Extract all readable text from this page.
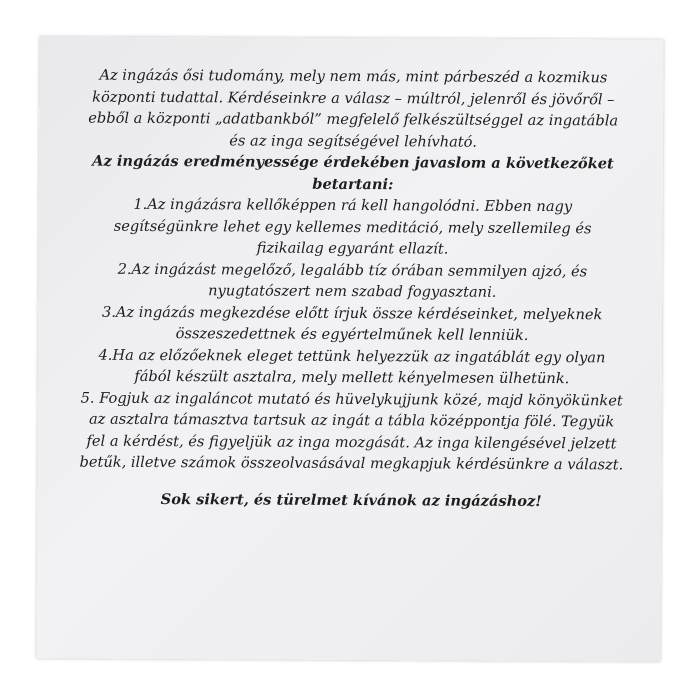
Az ingázás ősi tudomány, mely nem más, mint párbeszéd a kozmikus központi tudattal. Kérdéseinkre a válasz – múltról, jelenről és jövőről – ebből a központi „adatbankból” megfelelő felkészültséggel az ingatábla és az inga segítségével lehívható.

Az ingázás eredményessége érdekében javaslom a következőket betartani:

1.Az ingázásra kellőképpen rá kell hangolódni. Ebben nagy segítségünkre lehet egy kellemes meditáció, mely szellemileg és fizikailag egyaránt ellazít.

2.Az ingázást megelőző, legalább tíz órában semmilyen ajzó, és nyugtatószert nem szabad fogyasztani.

3.Az ingázás megkezdése előtt írjuk össze kérdéseinket, melyeknek összeszedettnek és egyértelműnek kell lenniük.

4.Ha az előzőeknek eleget tettünk helyezzük az ingatáblát egy olyan fából készült asztalra, mely mellett kényelmesen ülhetünk.

5. Fogjuk az ingaláncot mutató és hüvelykujjunk közé, majd könyökünket az asztalra támasztva tartsuk az ingát a tábla középpontja fölé. Tegyük fel a kérdést, és figyeljük az inga mozgását. Az inga kilengésével jelzett betűk, illetve számok összeolvasásával megkapjuk kérdésünkre a választ.

Sok sikert, és türelmet kívánok az ingázáshoz!
